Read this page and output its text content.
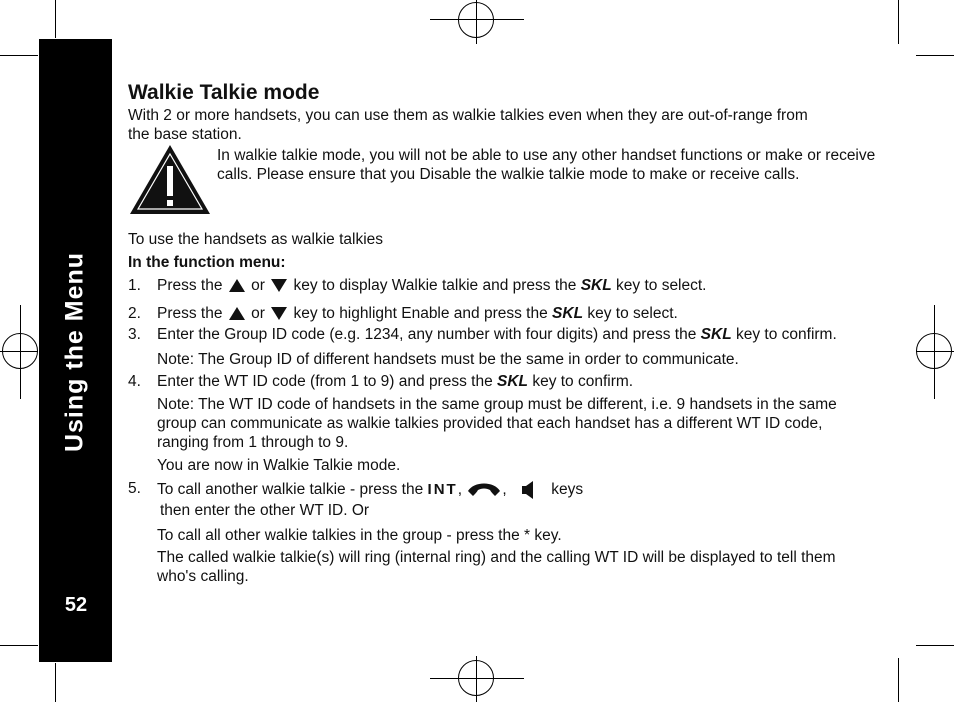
Using the Menu
52
Walkie Talkie mode

With 2 or more handsets, you can use them as walkie talkies even when they are out-of-range from the base station.

In walkie talkie mode, you will not be able to use any other handset functions or make or receive calls. Please ensure that you Disable the walkie talkie mode to make or receive calls.

To use the handsets as walkie talkies

In the function menu:

1. Press the or key to display Walkie talkie and press the SKL key to select.
2. Press the or key to highlight Enable and press the SKL key to select.
3. Enter the Group ID code (e.g. 1234, any number with four digits) and press the SKL key to confirm.

Note: The Group ID of different handsets must be the same in order to communicate.

4. Enter the WT ID code (from 1 to 9) and press the SKL key to confirm.

Note: The WT ID code of handsets in the same group must be different, i.e. 9 handsets in the same group can communicate as walkie talkies provided that each handset has a different WT ID code, ranging from 1 through to 9.

You are now in Walkie Talkie mode.

5. To call another walkie talkie - press the INT,	,	keys

then enter the other WT ID. Or

To call all other walkie talkies in the group - press the * key.

The called walkie talkie(s) will ring (internal ring) and the calling WT ID will be displayed to tell them who's calling.
